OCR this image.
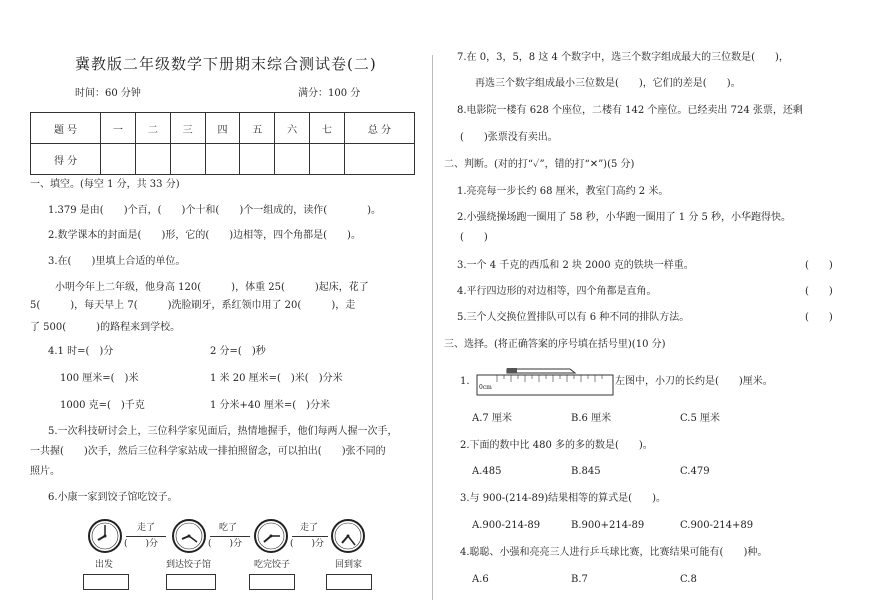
冀教版二年级数学下册期末综合测试卷(二)
时间：60 分钟	满分：100 分
题 号	一	二	三	四	五	六	七	总 分
得 分								
一、填空。(每空 1 分，共 33 分)
1.379 是由(　　)个百，(　　)个十和(　　)个一组成的，读作(　　　　)。
2.数学课本的封面是(　　)形，它的(　　)边相等，四个角都是(　　)。
3.在(　　)里填上合适的单位。
小明今年上二年级，他身高 120(　　　)，体重 25(　　　)起床，花了
5(　　　)，每天早上 7(　　　)洗脸刷牙，系红领巾用了 20(　　　)，走
了 500(　　　)的路程来到学校。
4.1 时=(　)分	2 分=(　)秒
100 厘米=(　)米	1 米 20 厘米=(　)米(　)分米
1000 克=(　)千克	1 分米+40 厘米=(　)分米
5.一次科技研讨会上，三位科学家见面后，热情地握手，他们每两人握一次手，
一共握(　　)次手，然后三位科学家站成一排拍照留念，可以拍出(　　)张不同的
照片。
6.小康一家到饺子馆吃饺子。
走了
(　　)分
吃了
(　　)分
走了
(　　)分
出发	到达饺子馆	吃完饺子	回到家
7.在 0，3，5，8 这 4 个数字中，选三个数字组成最大的三位数是(　　)，
再选三个数字组成最小三位数是(　　)，它们的差是(　　)。
8.电影院一楼有 628 个座位，二楼有 142 个座位。已经卖出 724 张票，还剩
(　　)张票没有卖出。
二、判断。(对的打“✓”，错的打“✕”)(5 分)
1.亮亮每一步长约 68 厘米，教室门高约 2 米。
2.小强绕操场跑一圈用了 58 秒，小华跑一圈用了 1 分 5 秒，小华跑得快。
(　　)
3.一个 4 千克的西瓜和 2 块 2000 克的铁块一样重。	(　　)
4.平行四边形的对边相等，四个角都是直角。	(　　)
5.三个人交换位置排队可以有 6 种不同的排队方法。	(　　)
三、选择。(将正确答案的序号填在括号里)(10 分)
1.
0cm
左图中，小刀的长约是(　　)厘米。
A.7 厘米	B.6 厘米	C.5 厘米
2.下面的数中比 480 多的多的数是(　　)。
A.485	B.845	C.479
3.与 900-(214-89)结果相等的算式是(　　)。
A.900-214-89	B.900+214-89	C.900-214+89
4.聪聪、小强和亮亮三人进行乒乓球比赛，比赛结果可能有(　　)种。
A.6	B.7	C.8
